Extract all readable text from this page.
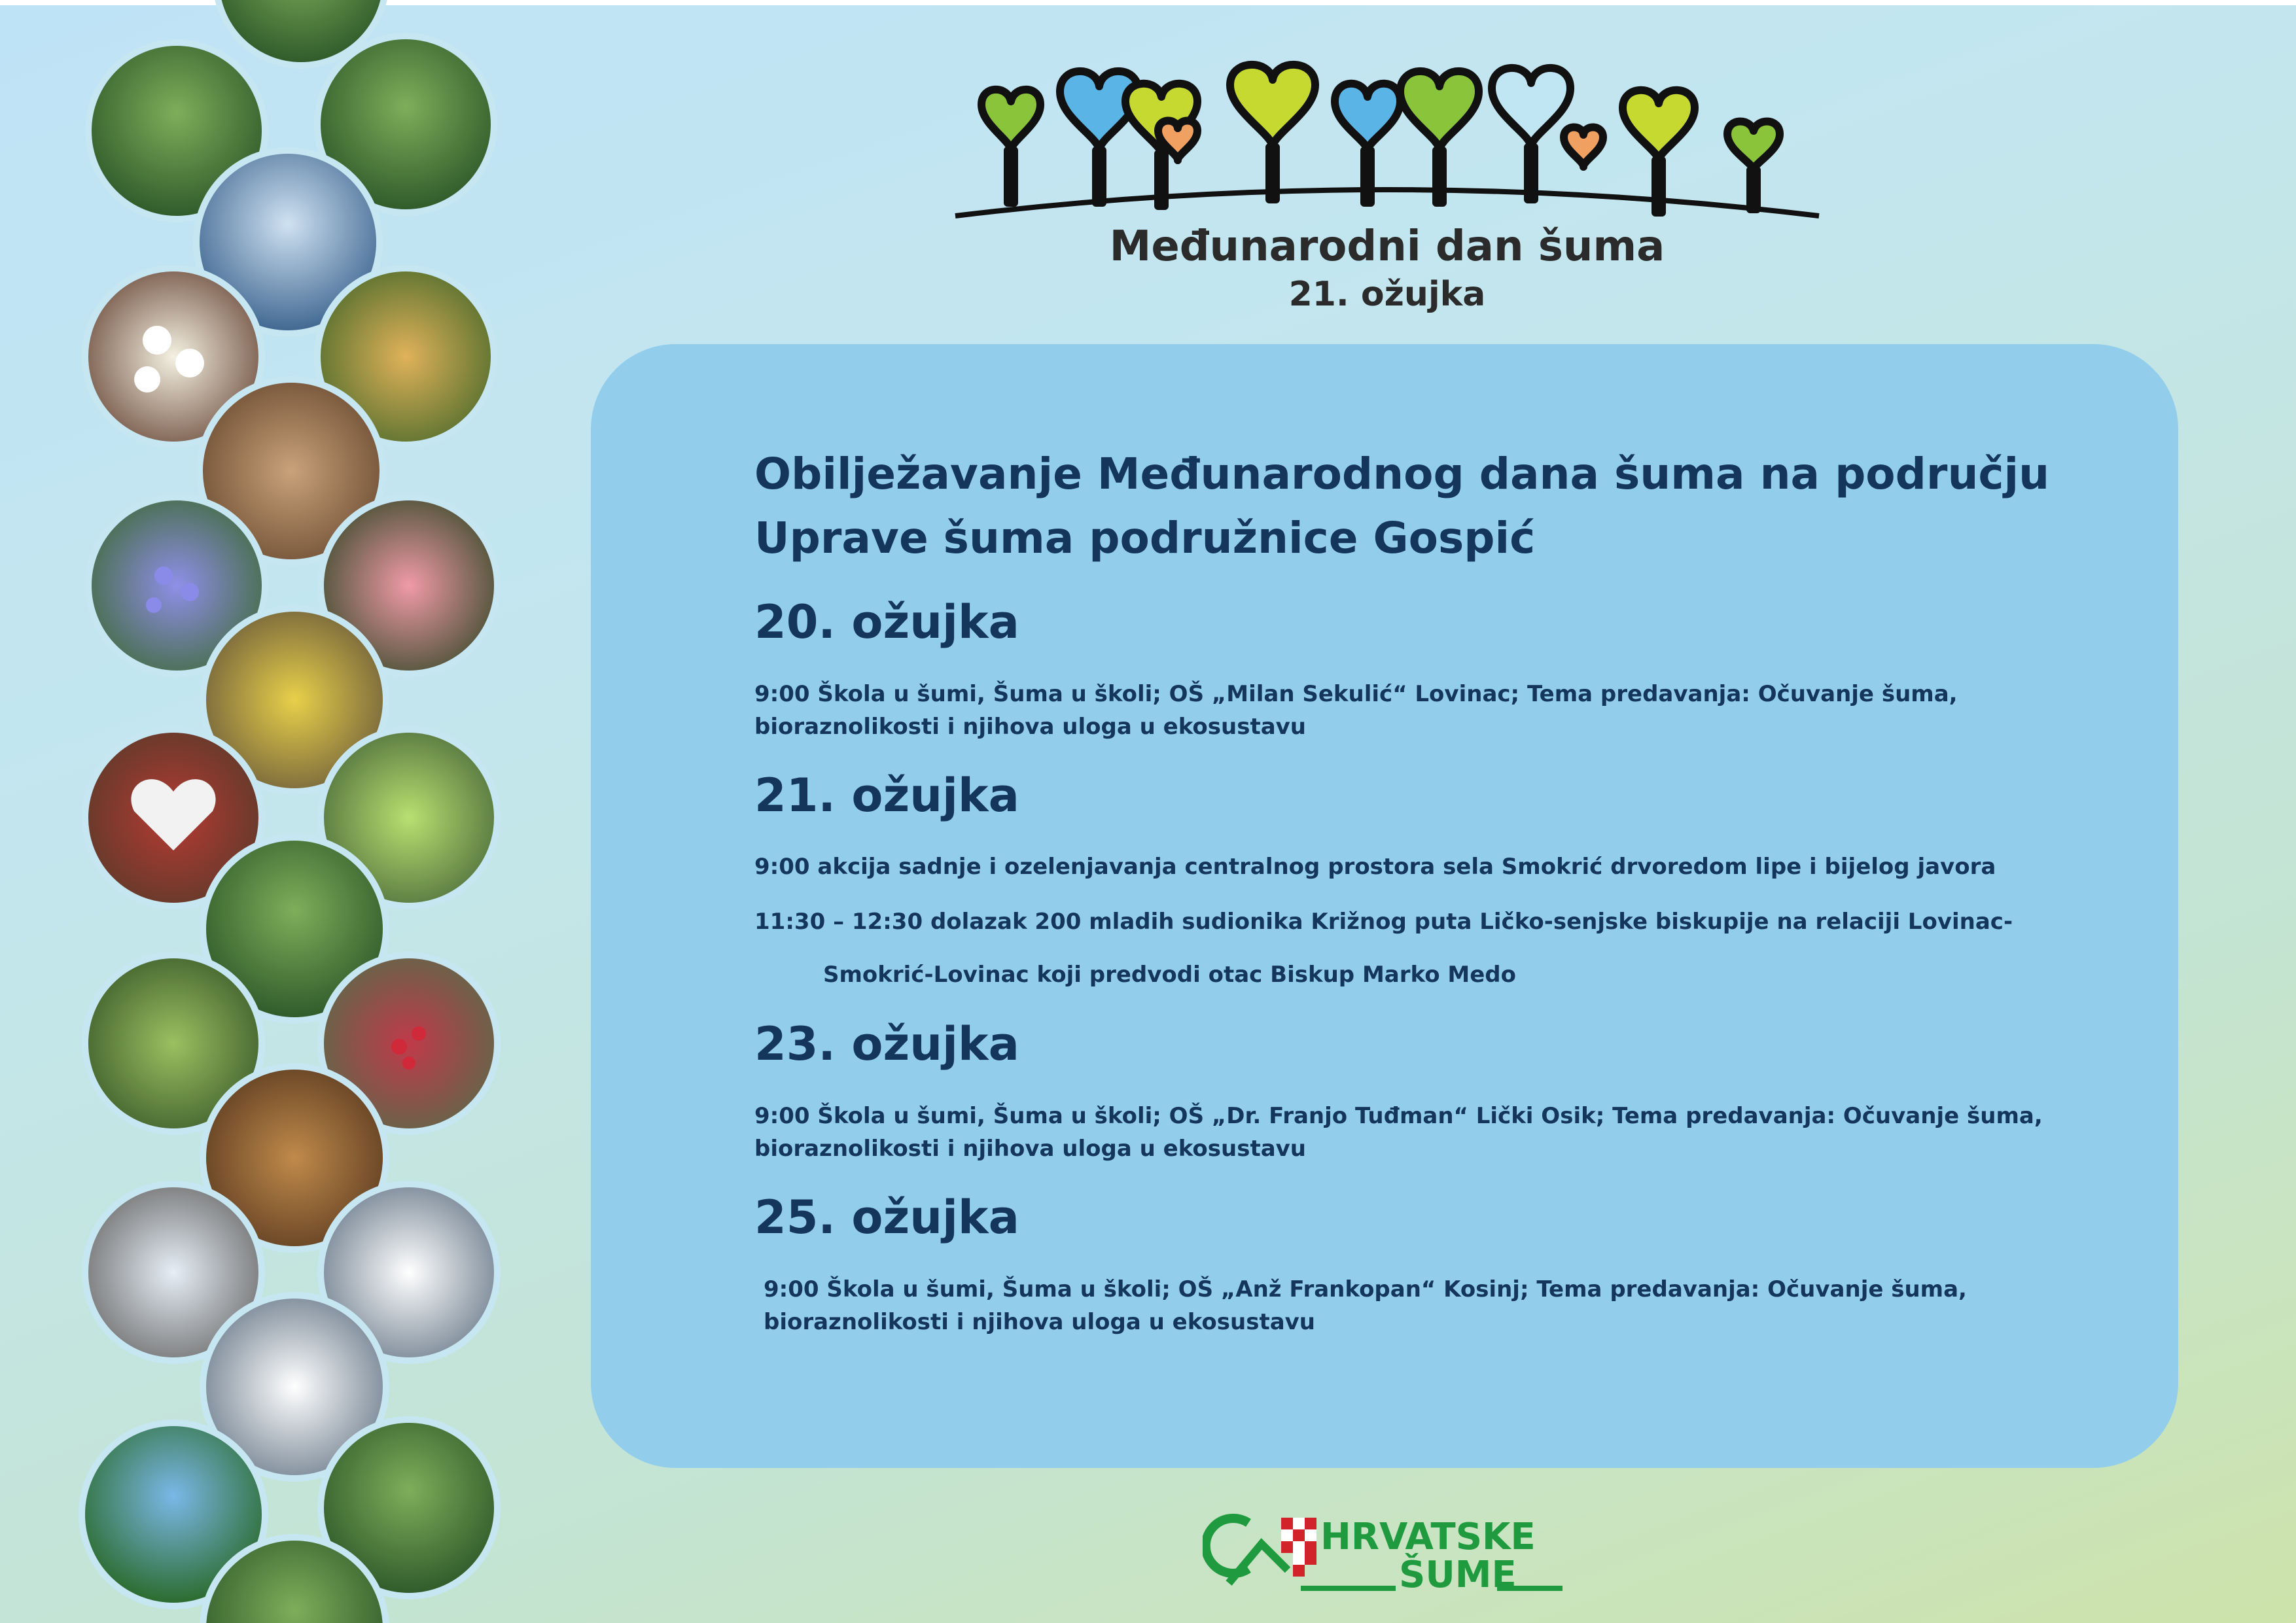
Međunarodni dan šuma
21. ožujka
Obilježavanje Međunarodnog dana šuma na području
Uprave šuma podružnice Gospić
20. ožujka
9:00 Škola u šumi, Šuma u školi; OŠ „Milan Sekulić“ Lovinac; Tema predavanja: Očuvanje šuma, bioraznolikosti i njihova uloga u ekosustavu
21. ožujka
9:00 akcija sadnje i ozelenjavanja centralnog prostora sela Smokrić drvoredom lipe i bijelog javora
11:30 – 12:30 dolazak 200 mladih sudionika Križnog puta Ličko-senjske biskupije na relaciji Lovinac-
Smokrić-Lovinac koji predvodi otac Biskup Marko Medo
23. ožujka
9:00 Škola u šumi, Šuma u školi; OŠ „Dr. Franjo Tuđman“ Lički Osik; Tema predavanja: Očuvanje šuma, bioraznolikosti i njihova uloga u ekosustavu
25. ožujka
9:00 Škola u šumi, Šuma u školi; OŠ „Anž Frankopan“ Kosinj; Tema predavanja: Očuvanje šuma, bioraznolikosti i njihova uloga u ekosustavu
HRVATSKE
ŠUME
